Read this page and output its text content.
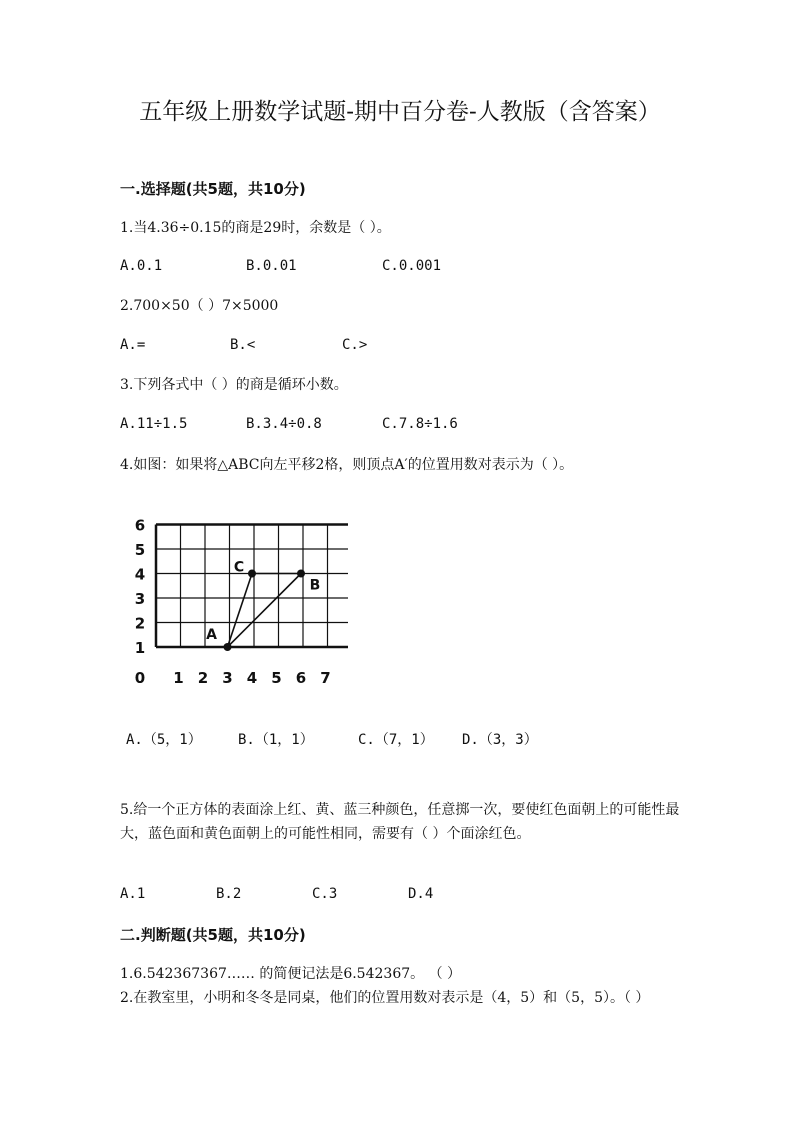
五年级上册数学试题-期中百分卷-人教版（含答案）
一.选择题(共5题，共10分)
1.当4.36÷0.15的商是29时，余数是（ ）。
A.0.1	B.0.01	C.0.001
2.700×50（ ）7×5000
A.=	B.<	C.>
3.下列各式中（ ）的商是循环小数。
A.11÷1.5	B.3.4÷0.8	C.7.8÷1.6
4.如图：如果将△ABC向左平移2格，则顶点A′的位置用数对表示为（ ）。
1
2
3
4
5
6
0 1 2 3 4 5 6 7
A
B
C
A.（5，1）	B.（1，1）	C.（7，1） D.（3，3）
5.给一个正方体的表面涂上红、黄、蓝三种颜色，任意掷一次，要使红色面朝上的可能性最大，蓝色面和黄色面朝上的可能性相同，需要有（ ）个面涂红色。
A.1	B.2	C.3	D.4
二.判断题(共5题，共10分)
1.6.542367367…… 的简便记法是6.542367。 （ ）
2.在教室里，小明和冬冬是同桌，他们的位置用数对表示是（4，5）和（5，5）。（ ）
